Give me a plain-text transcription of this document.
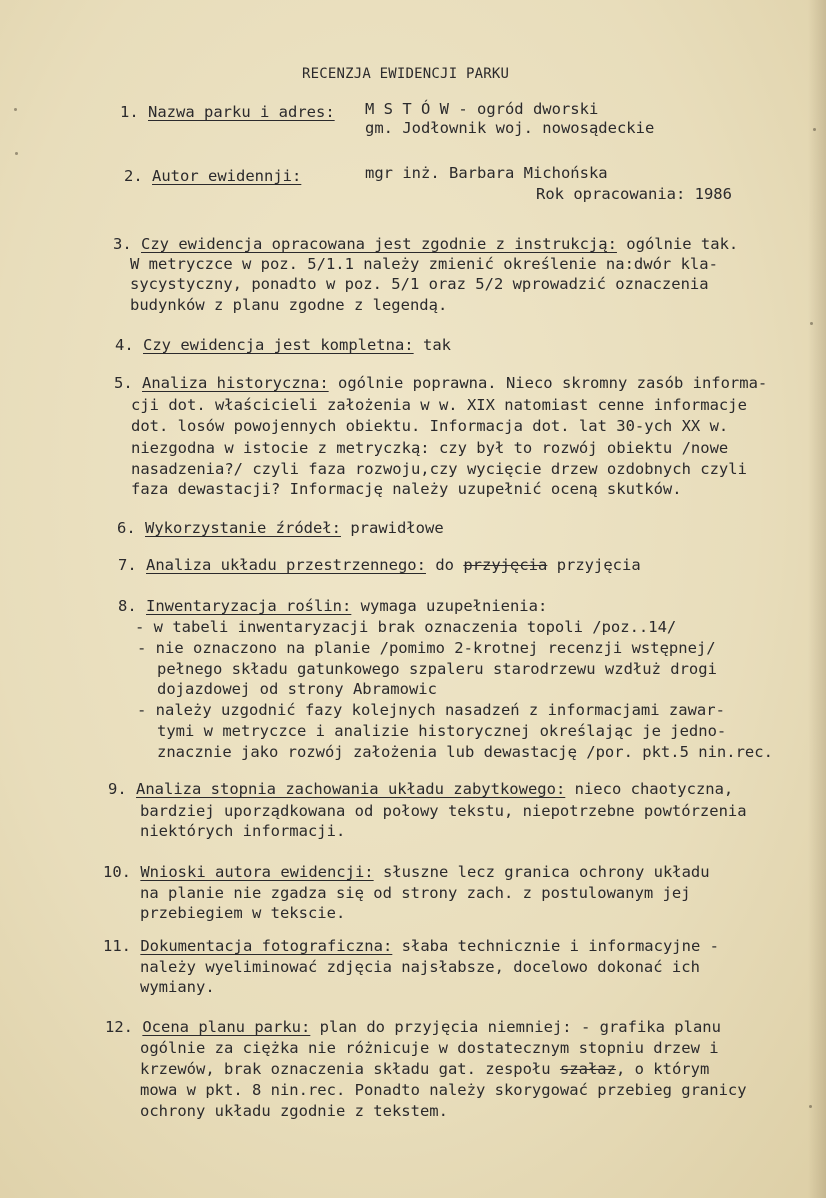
RECENZJA EWIDENCJI PARKU
1. Nazwa parku i adres: M S T Ó W - ogród dworski
gm. Jodłownik woj. nowosądeckie
2. Autor ewidennji:	mgr inż. Barbara Michońska
Rok opracowania: 1986
3. Czy ewidencja opracowana jest zgodnie z instrukcją: ogólnie tak.
W metryczce w poz. 5/1.1 należy zmienić określenie na:dwór kla-
sycystyczny, ponadto w poz. 5/1 oraz 5/2 wprowadzić oznaczenia
budynków z planu zgodne z legendą.
4. Czy ewidencja jest kompletna: tak
5. Analiza historyczna: ogólnie poprawna. Nieco skromny zasób informa-
cji dot. właścicieli założenia w w. XIX natomiast cenne informacje
dot. losów powojennych obiektu. Informacja dot. lat 30-ych XX w.
niezgodna w istocie z metryczką: czy był to rozwój obiektu /nowe
nasadzenia?/ czyli faza rozwoju,czy wycięcie drzew ozdobnych czyli
faza dewastacji? Informację należy uzupełnić oceną skutków.
6. Wykorzystanie źródeł: prawidłowe
7. Analiza układu przestrzennego: do przyjęcia przyjęcia
8. Inwentaryzacja roślin: wymaga uzupełnienia:
- w tabeli inwentaryzacji brak oznaczenia topoli /poz..14/
- nie oznaczono na planie /pomimo 2-krotnej recenzji wstępnej/
pełnego składu gatunkowego szpaleru starodrzewu wzdłuż drogi
dojazdowej od strony Abramowic
- należy uzgodnić fazy kolejnych nasadzeń z informacjami zawar-
tymi w metryczce i analizie historycznej określając je jedno-
znacznie jako rozwój założenia lub dewastację /por. pkt.5 nin.rec.
9. Analiza stopnia zachowania układu zabytkowego: nieco chaotyczna,
bardziej uporządkowana od połowy tekstu, niepotrzebne powtórzenia
niektórych informacji.
10. Wnioski autora ewidencji: słuszne lecz granica ochrony układu
na planie nie zgadza się od strony zach. z postulowanym jej
przebiegiem w tekscie.
11. Dokumentacja fotograficzna: słaba technicznie i informacyjne -
należy wyeliminować zdjęcia najsłabsze, docelowo dokonać ich
wymiany.
12. Ocena planu parku: plan do przyjęcia niemniej: - grafika planu
ogólnie za ciężka nie różnicuje w dostatecznym stopniu drzew i
krzewów, brak oznaczenia składu gat. zespołu szałaz, o którym
mowa w pkt. 8 nin.rec. Ponadto należy skorygować przebieg granicy
ochrony układu zgodnie z tekstem.
